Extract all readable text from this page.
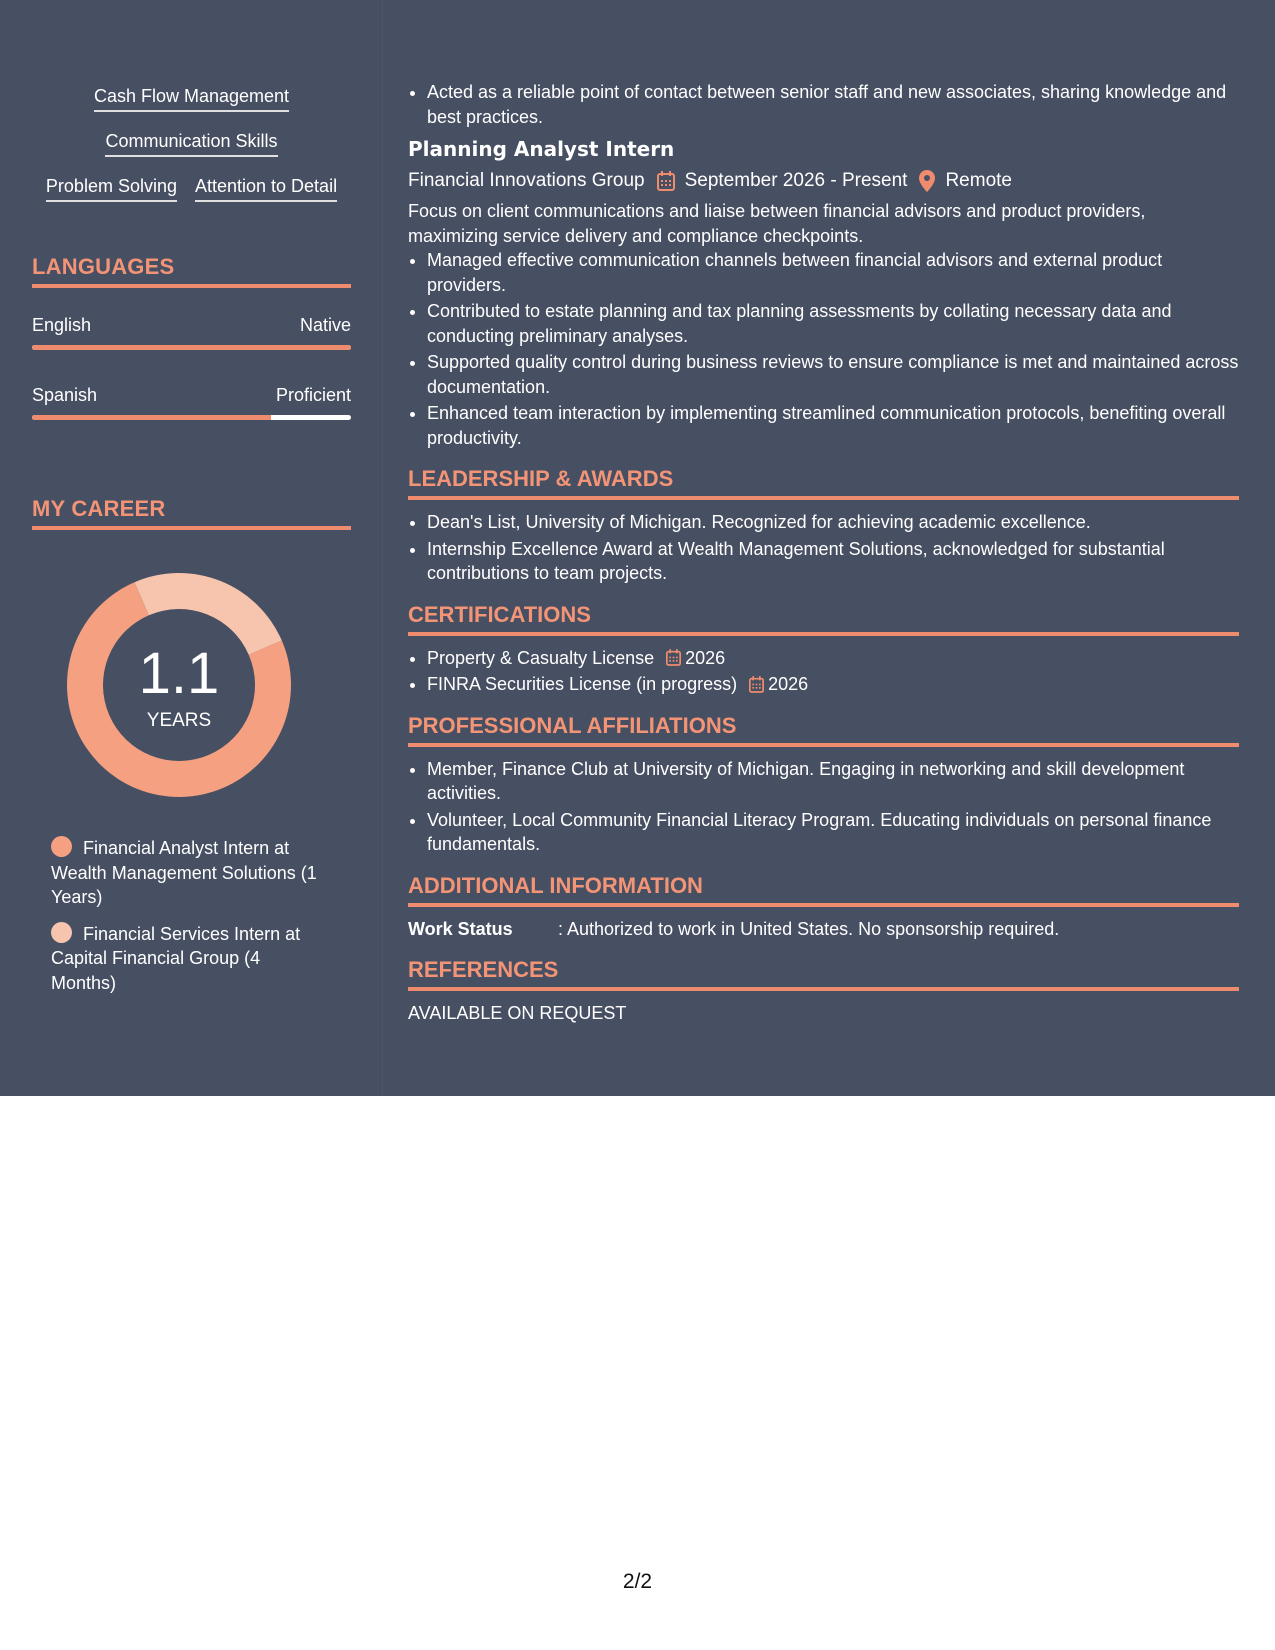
Cash Flow Management
Communication Skills
Problem Solving Attention to Detail
LANGUAGES
English	Native
Spanish	Proficient
MY CAREER
1.1
YEARS
Financial Analyst Intern at Wealth Management Solutions (1 Years)
Financial Services Intern at Capital Financial Group (4 Months)
• Acted as a reliable point of contact between senior staff and new associates, sharing knowledge and best practices.
Planning Analyst Intern
Financial Innovations Group September 2026 - Present Remote
Focus on client communications and liaise between financial advisors and product providers, maximizing service delivery and compliance checkpoints.
• Managed effective communication channels between financial advisors and external product providers.
• Contributed to estate planning and tax planning assessments by collating necessary data and conducting preliminary analyses.
• Supported quality control during business reviews to ensure compliance is met and maintained across documentation.
• Enhanced team interaction by implementing streamlined communication protocols, benefiting overall productivity.
LEADERSHIP & AWARDS
• Dean's List, University of Michigan. Recognized for achieving academic excellence.
• Internship Excellence Award at Wealth Management Solutions, acknowledged for substantial contributions to team projects.
CERTIFICATIONS
• Property & Casualty License 2026
• FINRA Securities License (in progress) 2026
PROFESSIONAL AFFILIATIONS
• Member, Finance Club at University of Michigan. Engaging in networking and skill development activities.
• Volunteer, Local Community Financial Literacy Program. Educating individuals on personal finance fundamentals.
ADDITIONAL INFORMATION
Work Status	: Authorized to work in United States. No sponsorship required.
REFERENCES
AVAILABLE ON REQUEST
2/2
